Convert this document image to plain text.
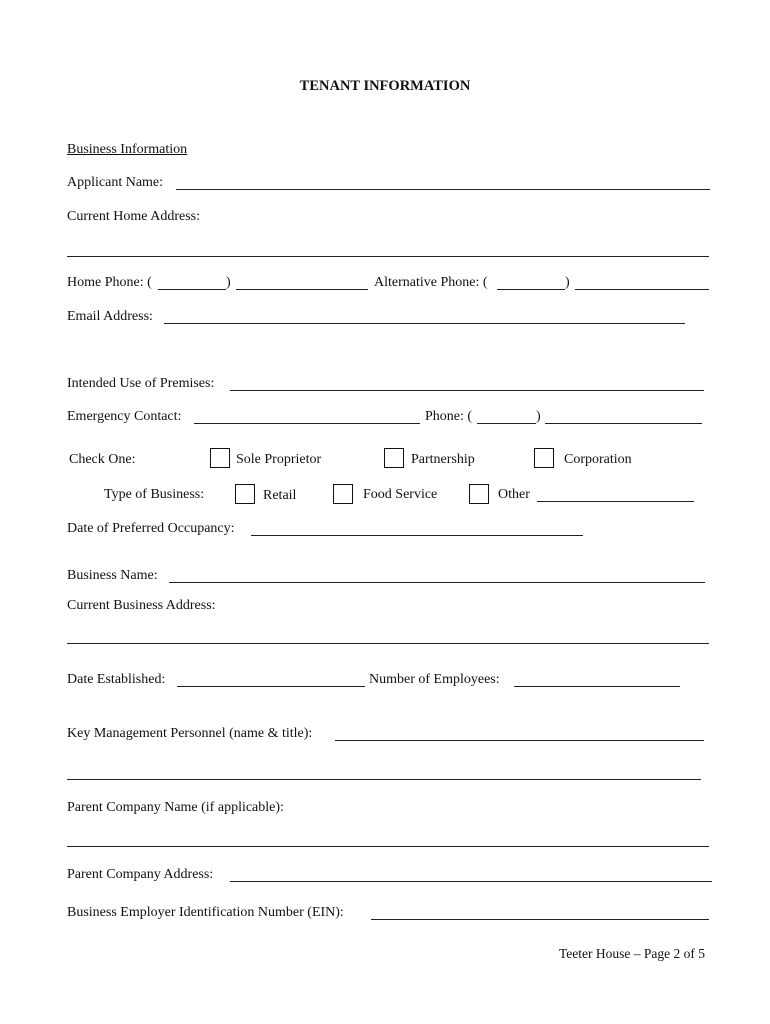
TENANT INFORMATION
Business Information
Applicant Name:
Current Home Address:
Home Phone: (	)	Alternative Phone: (	)
Email Address:
Intended Use of Premises:
Emergency Contact:	Phone: (	)
Check One:	Sole Proprietor	Partnership	Corporation
Type of Business:	Retail	Food Service	Other
Date of Preferred Occupancy:
Business Name:
Current Business Address:
Date Established:	Number of Employees:
Key Management Personnel (name & title):
Parent Company Name (if applicable):
Parent Company Address:
Business Employer Identification Number (EIN):
Teeter House – Page 2 of 5
